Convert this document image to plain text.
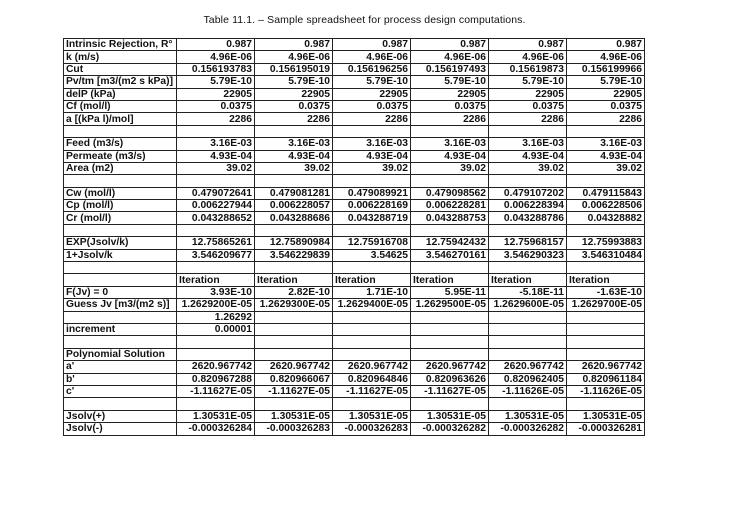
Table 11.1. – Sample spreadsheet for process design computations.
Intrinsic Rejection, R°	0.987	0.987	0.987	0.987	0.987	0.987
k (m/s)	4.96E-06	4.96E-06	4.96E-06	4.96E-06	4.96E-06	4.96E-06
Cut	0.156193783	0.156195019	0.156196256	0.156197493	0.15619873	0.156199966
Pv/tm [m3/(m2 s kPa)]	5.79E-10	5.79E-10	5.79E-10	5.79E-10	5.79E-10	5.79E-10
delP (kPa)	22905	22905	22905	22905	22905	22905
Cf (mol/l)	0.0375	0.0375	0.0375	0.0375	0.0375	0.0375
a [(kPa l)/mol]	2286	2286	2286	2286	2286	2286

Feed (m3/s)	3.16E-03	3.16E-03	3.16E-03	3.16E-03	3.16E-03	3.16E-03
Permeate (m3/s)	4.93E-04	4.93E-04	4.93E-04	4.93E-04	4.93E-04	4.93E-04
Area (m2)	39.02	39.02	39.02	39.02	39.02	39.02

Cw (mol/l)	0.479072641	0.479081281	0.479089921	0.479098562	0.479107202	0.479115843
Cp (mol/l)	0.006227944	0.006228057	0.006228169	0.006228281	0.006228394	0.006228506
Cr (mol/l)	0.043288652	0.043288686	0.043288719	0.043288753	0.043288786	0.04328882

EXP(Jsolv/k)	12.75865261	12.75890984	12.75916708	12.75942432	12.75968157	12.75993883
1+Jsolv/k	3.546209677	3.546229839	3.54625	3.546270161	3.546290323	3.546310484

	Iteration	Iteration	Iteration	Iteration	Iteration	Iteration
F(Jv) = 0	3.93E-10	2.82E-10	1.71E-10	5.95E-11	-5.18E-11	-1.63E-10
Guess Jv [m3/(m2 s)]	1.2629200E-05	1.2629300E-05	1.2629400E-05	1.2629500E-05	1.2629600E-05	1.2629700E-05
	1.26292					
increment	0.00001					

Polynomial Solution						
a'	2620.967742	2620.967742	2620.967742	2620.967742	2620.967742	2620.967742
b'	0.820967288	0.820966067	0.820964846	0.820963626	0.820962405	0.820961184
c'	-1.11627E-05	-1.11627E-05	-1.11627E-05	-1.11627E-05	-1.11626E-05	-1.11626E-05

Jsolv(+)	1.30531E-05	1.30531E-05	1.30531E-05	1.30531E-05	1.30531E-05	1.30531E-05
Jsolv(-)	-0.000326284	-0.000326283	-0.000326283	-0.000326282	-0.000326282	-0.000326281
